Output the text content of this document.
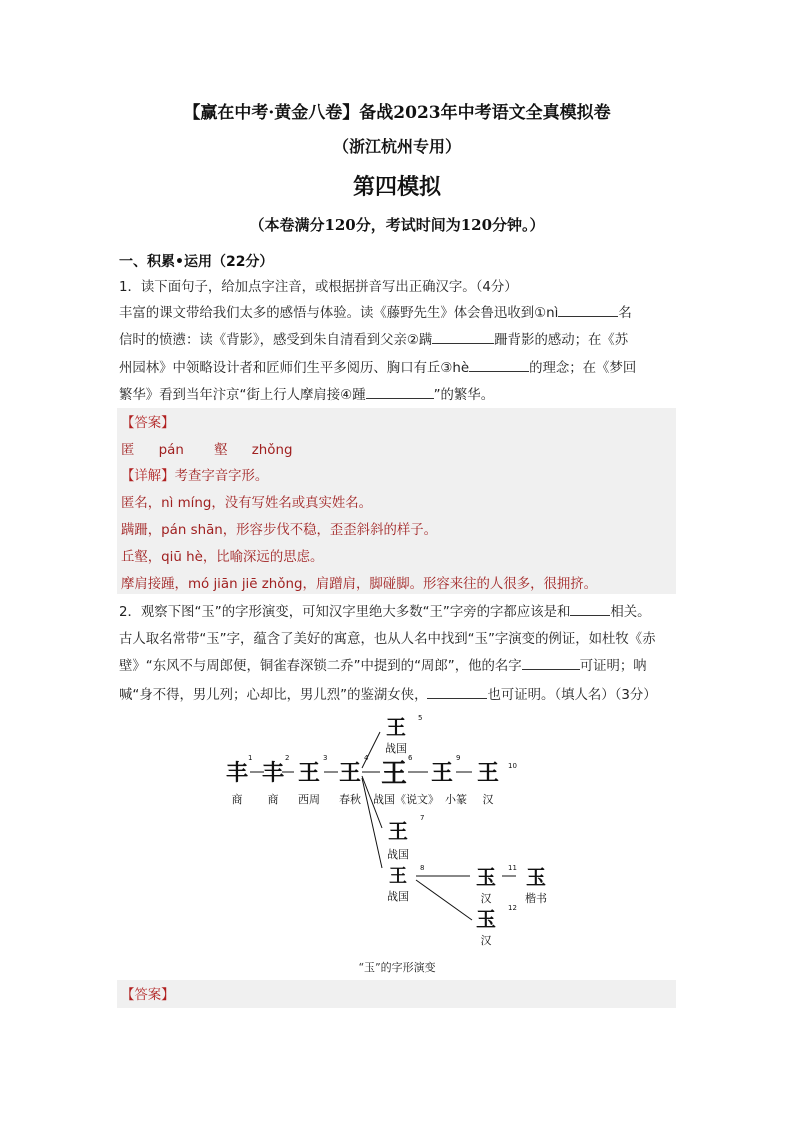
【赢在中考·黄金八卷】备战2023年中考语文全真模拟卷
（浙江杭州专用）
第四模拟
（本卷满分120分，考试时间为120分钟。）
一、积累•运用（22分）
1．读下面句子，给加点字注音，或根据拼音写出正确汉字。（4分）
丰富的课文带给我们太多的感悟与体验。读《藤野先生》体会鲁迅收到①nì	名
信时的愤懑：读《背影》，感受到朱自清看到父亲②蹒	跚背影的感动；在《苏
州园林》中领略设计者和匠师们生平多阅历、胸口有丘③hè	的理念；在《梦回
繁华》看到当年汴京“街上行人摩肩接④踵	”的繁华。
【答案】
匿 pán 壑 zhǒng
【详解】考查字音字形。
匿名，nì míng，没有写姓名或真实姓名。
蹒跚，pán shān，形容步伐不稳，歪歪斜斜的样子。
丘壑，qiū hè，比喻深远的思虑。
摩肩接踵，mó jiān jiē zhǒng，肩蹭肩，脚碰脚。形容来往的人很多，很拥挤。
2．观察下图“玉”的字形演变，可知汉字里绝大多数“王”字旁的字都应该是和	相关。
古人取名常带“玉”字，蕴含了美好的寓意，也从人名中找到“玉”字演变的例证，如杜牧《赤
壁》“东风不与周郎便，铜雀春深锁二乔”中提到的“周郎”，他的名字	可证明；呐
喊“身不得，男儿列；心却比，男儿烈”的鉴湖女侠，	也可证明。（填人名）（3分）
丰
1
商
丰
2
商
王
3
西周
王
4
春秋
王
6
战国《说文》
王
9
小篆
王 10
汉
王 5
战国
王
7
战国
王 8
战国
玉 11
汉
玉
楷书
玉 12
汉
“玉”的字形演变
【答案】
